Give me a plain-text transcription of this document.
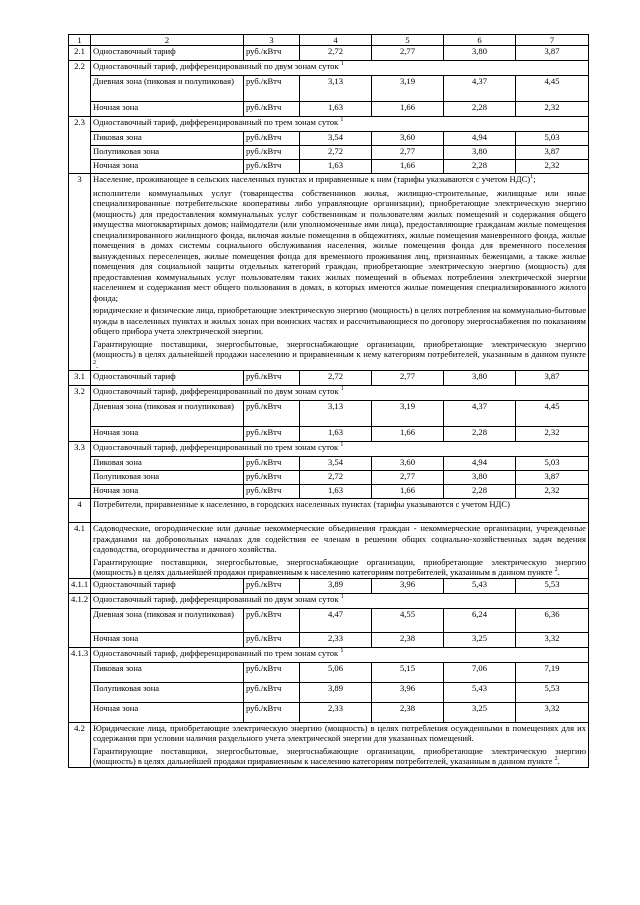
1	2	3	4	5	6	7
2.1	Одноставочный тариф	руб./кВтч	2,72	2,77	3,80	3,87
2.2	Одноставочный тариф, дифференцированный по двум зонам суток $^1$
	Дневная зона (пиковая и полупиковая)	руб./кВтч	3,13	3,19	4,37	4,45
	Ночная зона	руб./кВтч	1,63	1,66	2,28	2,32
2.3	Одноставочный тариф, дифференцированный по трем зонам суток $^1$
	Пиковая зона	руб./кВтч	3,54	3,60	4,94	5,03
	Полупиковая зона	руб./кВтч	2,72	2,77	3,80	3,87
	Ночная зона	руб./кВтч	1,63	1,66	2,28	2,32
3	Население, проживающее в сельских населенных пунктах и приравненные к ним (тарифы указываются с учетом НДС)$^1$;

исполнители коммунальных услуг (товарищества собственников жилья, жилищно-строительные, жилищные или иные специализированные потребительские кооперативы либо управляющие организации), приобретающие электрическую энергию (мощность) для предоставления коммунальных услуг собственникам и пользователям жилых помещений и содержания общего имущества многоквартирных домов; наймодатели (или уполномоченные ими лица), предоставляющие гражданам жилые помещения специализированного жилищного фонда, включая жилые помещения в общежитиях, жилые помещения маневренного фонда, жилые помещения в домах системы социального обслуживания населения, жилые помещения фонда для временного поселения вынужденных переселенцев, жилые помещения фонда для временного проживания лиц, признанных беженцами, а также жилые помещения для социальной защиты отдельных категорий граждан, приобретающие электрическую энергию (мощность) для предоставления коммунальных услуг пользователям таких жилых помещений в объемах потребления электрической энергии населением и содержания мест общего пользования в домах, в которых имеются жилые помещения специализированного жилого фонда;

юридические и физические лица, приобретающие электрическую энергию (мощность) в целях потребления на коммунально-бытовые нужды в населенных пунктах и жилых зонах при воинских частях и рассчитывающиеся по договору энергоснабжения по показаниям общего прибора учета электрической энергии.

Гарантирующие поставщики, энергосбытовые, энергоснабжающие организации, приобретающие электрическую энергию (мощность) в целях дальнейшей продажи населению и приравненным к нему категориям потребителей, указанным в данном пункте $^2$.					

3.1	Одноставочный тариф	руб./кВтч	2,72	2,77	3,80	3,87
3.2	Одноставочный тариф, дифференцированный по двум зонам суток $^1$
	Дневная зона (пиковая и полупиковая)	руб./кВтч	3,13	3,19	4,37	4,45
	Ночная зона	руб./кВтч	1,63	1,66	2,28	2,32
3.3	Одноставочный тариф, дифференцированный по трем зонам суток $^1$
	Пиковая зона	руб./кВтч	3,54	3,60	4,94	5,03
	Полупиковая зона	руб./кВтч	2,72	2,77	3,80	3,87
	Ночная зона	руб./кВтч	1,63	1,66	2,28	2,32
4	Потребители, приравненные к населению, в городских населенных пунктах (тарифы указываются с учетом НДС)					

4.1	Садоводческие, огороднические или дачные некоммерческие объединения граждан - некоммерческие организации, учрежденные гражданами на добровольных началах для содействия ее членам в решении общих социально-хозяйственных задач ведения садоводства, огородничества и дачного хозяйства.

Гарантирующие поставщики, энергосбытовые, энергоснабжающие организации, приобретающие электрическую энергию (мощность) в целях дальнейшей продажи приравненным к населению категориям потребителей, указанным в данном пункте $^2$.					

4.1.1	Одноставочный тариф	руб./кВтч	3,89	3,96	5,43	5,53
4.1.2	Одноставочный тариф, дифференцированный по двум зонам суток $^1$
	Дневная зона (пиковая и полупиковая)	руб./кВтч	4,47	4,55	6,24	6,36
	Ночная зона	руб./кВтч	2,33	2,38	3,25	3,32
4.1.3	Одноставочный тариф, дифференцированный по трем зонам суток $^1$
	Пиковая зона	руб./кВтч	5,06	5,15	7,06	7,19
	Полупиковая зона	руб./кВтч	3,89	3,96	5,43	5,53
	Ночная зона	руб./кВтч	2,33	2,38	3,25	3,32
4.2	Юридические лица, приобретающие электрическую энергию (мощность) в целях потребления осужденными в помещениях для их содержания при условии наличия раздельного учета электрической энергии для указанных помещений.

Гарантирующие поставщики, энергосбытовые, энергоснабжающие организации, приобретающие электрическую энергию (мощность) в целях дальнейшей продажи приравненным к населению категориям потребителей, указанным в данном пункте $^2$.					
